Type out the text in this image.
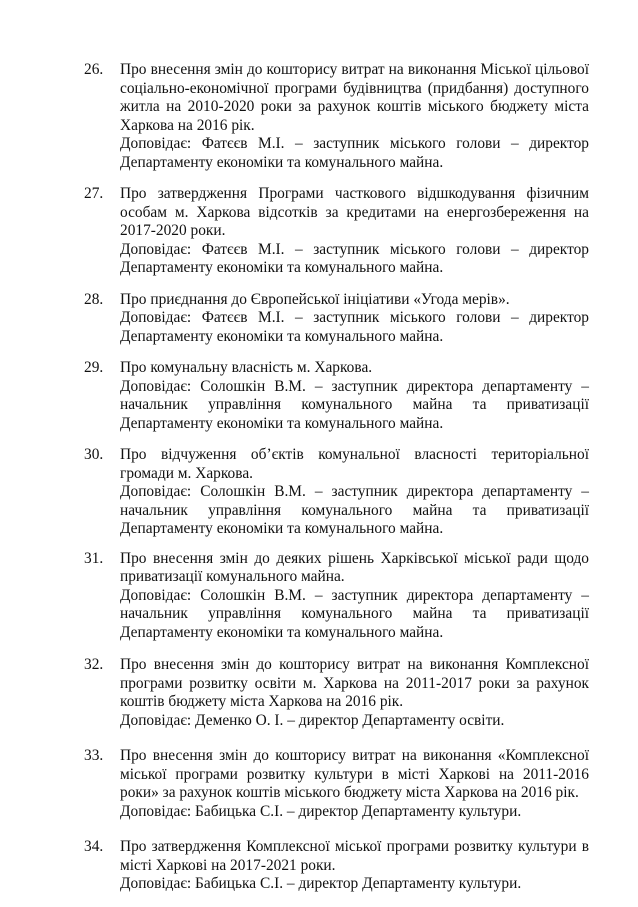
26.	Про внесення змін до кошторису витрат на виконання Міської цільової соціально-економічної програми будівництва (придбання) доступного житла на 2010-2020 роки за рахунок коштів міського бюджету міста Харкова на 2016 рік.

Доповідає: Фатєєв М.І. – заступник міського голови – директор Департаменту економіки та комунального майна.

27.	Про затвердження Програми часткового відшкодування фізичним особам м. Харкова відсотків за кредитами на енергозбереження на 2017-2020 роки.

Доповідає: Фатєєв М.І. – заступник міського голови – директор Департаменту економіки та комунального майна.

28.	Про приєднання до Європейської ініціативи «Угода мерів».

Доповідає: Фатєєв М.І. – заступник міського голови – директор Департаменту економіки та комунального майна.

29.	Про комунальну власність м. Харкова.

Доповідає: Солошкін В.М. – заступник директора департаменту – начальник управління комунального майна та приватизації Департаменту економіки та комунального майна.

30.	Про відчуження об’єктів комунальної власності територіальної громади м. Харкова.

Доповідає: Солошкін В.М. – заступник директора департаменту – начальник управління комунального майна та приватизації Департаменту економіки та комунального майна.

31.	Про внесення змін до деяких рішень Харківської міської ради щодо приватизації комунального майна.

Доповідає: Солошкін В.М. – заступник директора департаменту – начальник управління комунального майна та приватизації Департаменту економіки та комунального майна.

32.	Про внесення змін до кошторису витрат на виконання Комплексної програми розвитку освіти м. Харкова на 2011-2017 роки за рахунок коштів бюджету міста Харкова на 2016 рік.

Доповідає: Деменко О. І. – директор Департаменту освіти.

33.	Про внесення змін до кошторису витрат на виконання «Комплексної міської програми розвитку культури в місті Харкові на 2011-2016 роки» за рахунок коштів міського бюджету міста Харкова на 2016 рік.

Доповідає: Бабицька С.І. – директор Департаменту культури.

34.	Про затвердження Комплексної міської програми розвитку культури в місті Харкові на 2017-2021 роки.

Доповідає: Бабицька С.І. – директор Департаменту культури.
